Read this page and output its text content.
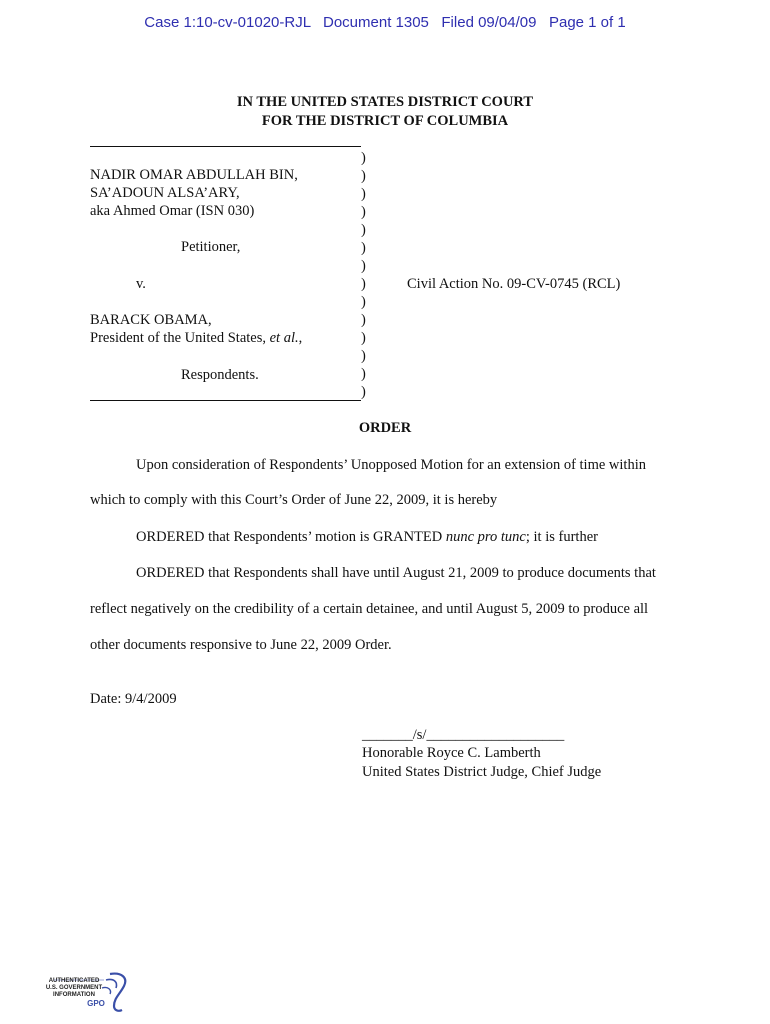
Case 1:10-cv-01020-RJL   Document 1305   Filed 09/04/09   Page 1 of 1
IN THE UNITED STATES DISTRICT COURT
FOR THE DISTRICT OF COLUMBIA
NADIR OMAR ABDULLAH BIN,
SA’ADOUN ALSA’ARY,
aka Ahmed Omar (ISN 030)
Petitioner,
v.
BARACK OBAMA,
President of the United States, et al.,
Respondents.
)
)
)
)
)
)
)
)
)
)
)
)
)
)
Civil Action No. 09-CV-0745 (RCL)
ORDER
Upon consideration of Respondents’ Unopposed Motion for an extension of time within
which to comply with this Court’s Order of June 22, 2009, it is hereby
ORDERED that Respondents’ motion is GRANTED nunc pro tunc; it is further
ORDERED that Respondents shall have until August 21, 2009 to produce documents that
reflect negatively on the credibility of a certain detainee, and until August 5, 2009 to produce all
other documents responsive to June 22, 2009 Order.
Date: 9/4/2009
_______/s/___________________
Honorable Royce C. Lamberth
United States District Judge, Chief Judge
AUTHENTICATED
U.S. GOVERNMENT
INFORMATION
GPO
